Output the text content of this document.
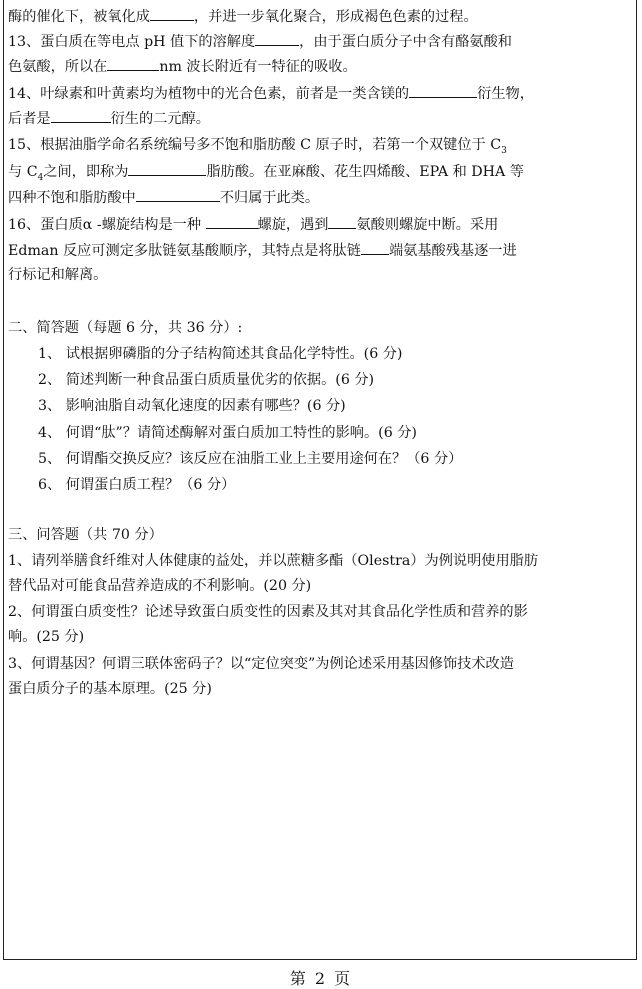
酶的催化下，被氧化成	，并进一步氧化聚合，形成褐色色素的过程。
13、蛋白质在等电点 pH 值下的溶解度	，由于蛋白质分子中含有酪氨酸和
色氨酸，所以在	nm 波长附近有一特征的吸收。
14、叶绿素和叶黄素均为植物中的光合色素，前者是一类含镁的	衍生物，
后者是	衍生的二元醇。
15、根据油脂学命名系统编号多不饱和脂肪酸 C 原子时，若第一个双键位于 $C_3$
与 $C_4$之间，即称为	脂肪酸。在亚麻酸、花生四烯酸、EPA 和 DHA 等
四种不饱和脂肪酸中	不归属于此类。
16、蛋白质α -螺旋结构是一种	螺旋，遇到 氨酸则螺旋中断。采用
Edman 反应可测定多肽链氨基酸顺序，其特点是将肽链 端氨基酸残基逐一进
行标记和解离。
二、简答题（每题 6 分，共 36 分）:
1、 试根据卵磷脂的分子结构简述其食品化学特性。(6 分)
2、 简述判断一种食品蛋白质质量优劣的依据。(6 分)
3、 影响油脂自动氧化速度的因素有哪些？(6 分)
4、 何谓“肽”？请简述酶解对蛋白质加工特性的影响。(6 分)
5、 何谓酯交换反应？该反应在油脂工业上主要用途何在？（6 分）
6、 何谓蛋白质工程？（6 分）
三、问答题（共 70 分）
1、请列举膳食纤维对人体健康的益处，并以蔗糖多酯（Olestra）为例说明使用脂肪
替代品对可能食品营养造成的不利影响。(20 分)
2、何谓蛋白质变性？论述导致蛋白质变性的因素及其对其食品化学性质和营养的影
响。(25 分)
3、何谓基因？何谓三联体密码子？以“定位突变”为例论述采用基因修饰技术改造
蛋白质分子的基本原理。(25 分)
第 2 页
